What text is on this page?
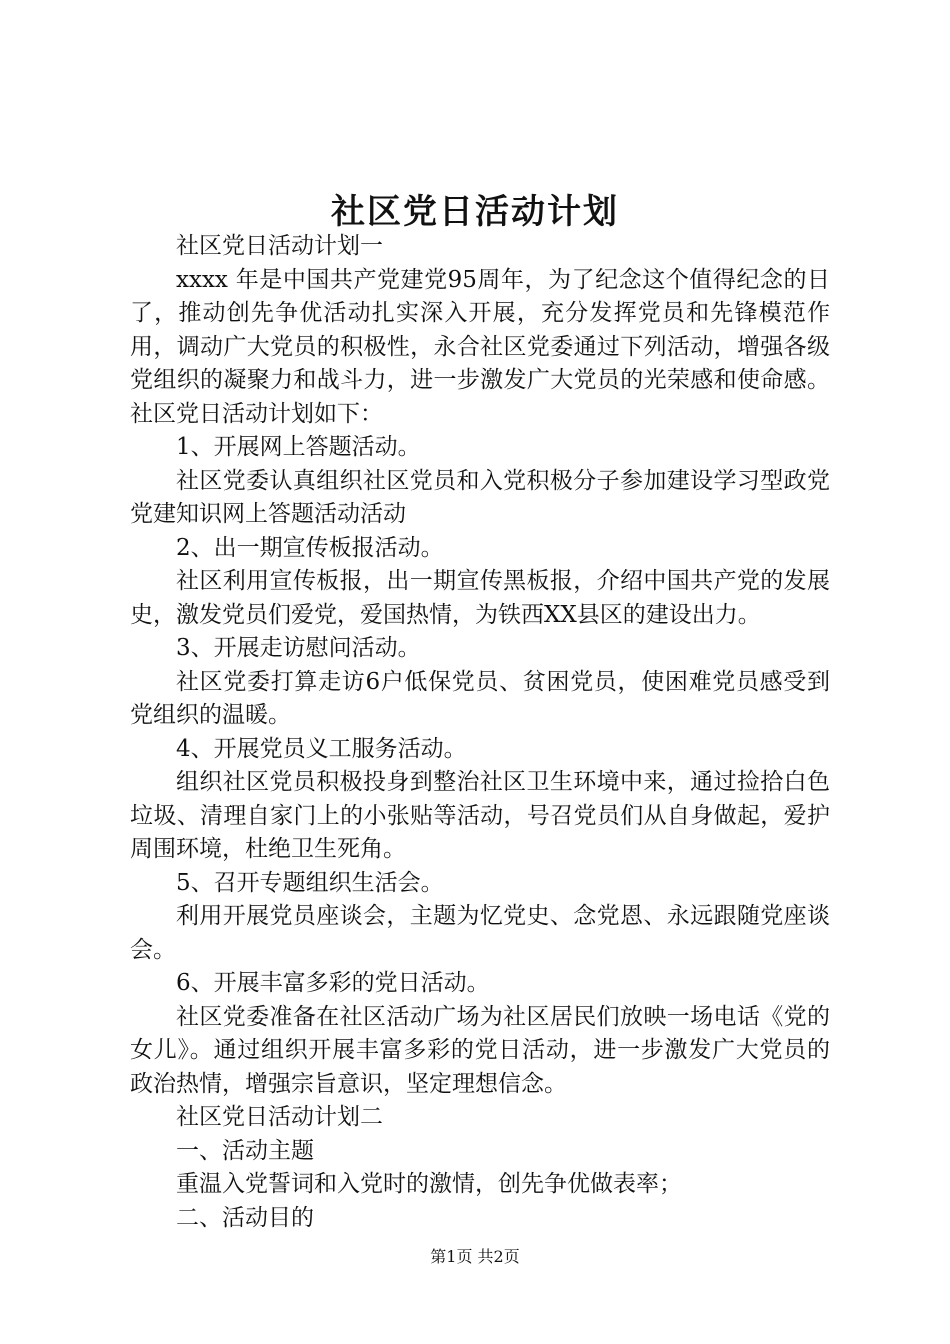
社区党日活动计划

社区党日活动计划一

xxxx 年是中国共产党建党95周年，为了纪念这个值得纪念的日了，推动创先争优活动扎实深入开展，充分发挥党员和先锋模范作用，调动广大党员的积极性，永合社区党委通过下列活动，增强各级党组织的凝聚力和战斗力，进一步激发广大党员的光荣感和使命感。社区党日活动计划如下：

1、开展网上答题活动。

社区党委认真组织社区党员和入党积极分子参加建设学习型政党党建知识网上答题活动活动

2、出一期宣传板报活动。

社区利用宣传板报，出一期宣传黑板报，介绍中国共产党的发展史，激发党员们爱党，爱国热情，为铁西XX县区的建设出力。

3、开展走访慰问活动。

社区党委打算走访6户低保党员、贫困党员，使困难党员感受到党组织的温暖。

4、开展党员义工服务活动。

组织社区党员积极投身到整治社区卫生环境中来，通过捡拾白色垃圾、清理自家门上的小张贴等活动，号召党员们从自身做起，爱护周围环境，杜绝卫生死角。

5、召开专题组织生活会。

利用开展党员座谈会，主题为忆党史、念党恩、永远跟随党座谈会。

6、开展丰富多彩的党日活动。

社区党委准备在社区活动广场为社区居民们放映一场电话《党的女儿》。通过组织开展丰富多彩的党日活动，进一步激发广大党员的政治热情，增强宗旨意识，坚定理想信念。

社区党日活动计划二

一、活动主题

重温入党誓词和入党时的激情，创先争优做表率；

二、活动目的

第1页 共2页
